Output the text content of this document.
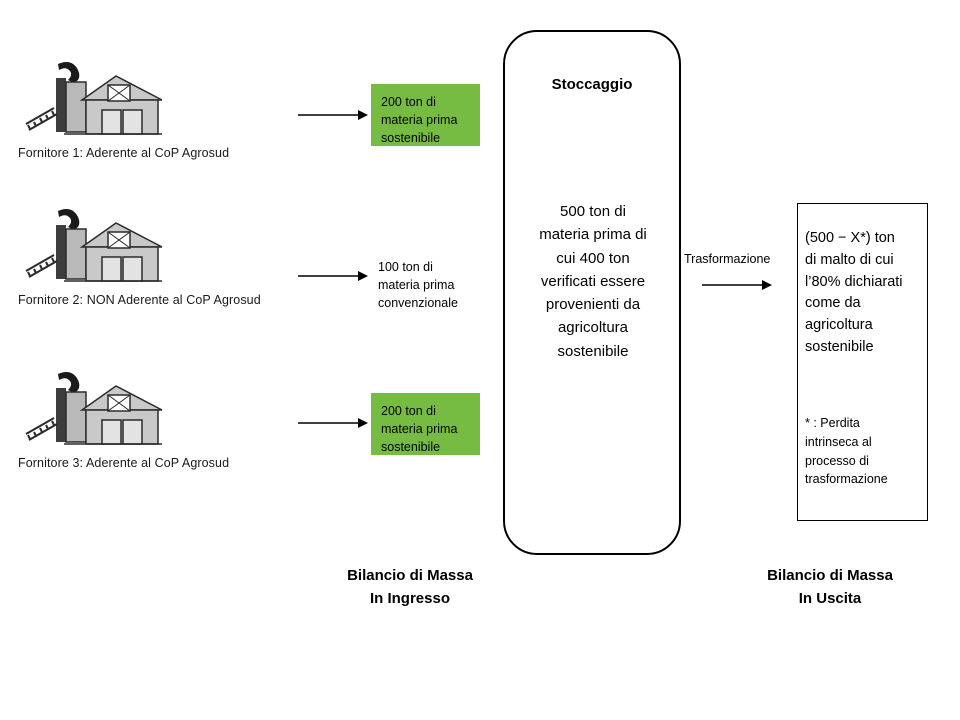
Fornitore 1: Aderente al CoP Agrosud
200 ton di
materia prima
sostenibile
Fornitore 2: NON Aderente al CoP Agrosud
100 ton di
materia prima
convenzionale
Fornitore 3: Aderente al CoP Agrosud
200 ton di
materia prima
sostenibile
Stoccaggio
500 ton di
materia prima di
cui 400 ton
verificati essere
provenienti da
agricoltura
sostenibile
Trasformazione
(500 − X*) ton
di malto di cui
l’80% dichiarati
come da
agricoltura
sostenibile
* : Perdita
intrinseca al
processo di
trasformazione
Bilancio di Massa
In Ingresso
Bilancio di Massa
In Uscita
